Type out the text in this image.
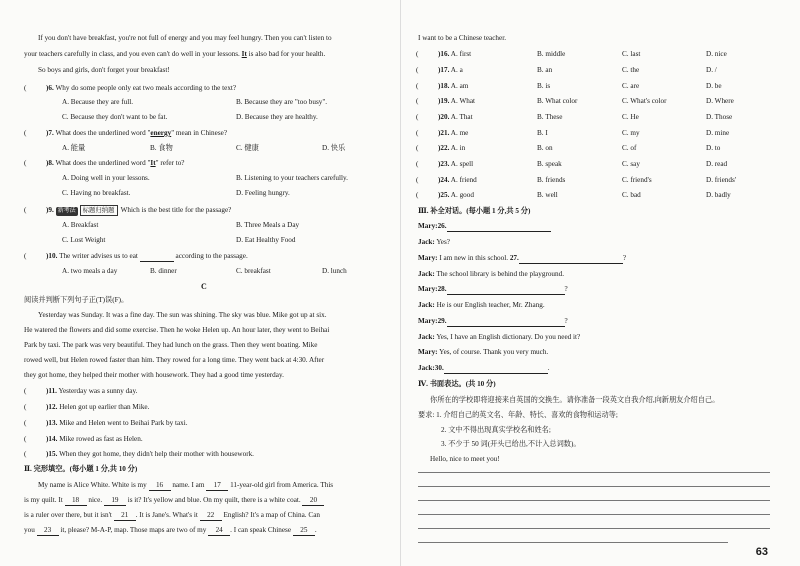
If you don't have breakfast, you're not full of energy and you may feel hungry. Then you can't listen to
your teachers carefully in class, and you even can't do well in your lessons. It is also bad for your health.
So boys and girls, don't forget your breakfast!
(	)6. Why do some people only eat two meals according to the text?
A. Because they are full.	B. Because they are "too busy".
C. Because they don't want to be fat.	D. Because they are healthy.
(	)7. What does the underlined word "energy" mean in Chinese?
A. 能量	B. 食物	C. 健康	D. 快乐
(	)8. What does the underlined word "It" refer to?
A. Doing well in your lessons.	B. Listening to your teachers carefully.
C. Having no breakfast.	D. Feeling hungry.
(	)9. 新考法 标题归纳题 Which is the best title for the passage?
A. Breakfast	B. Three Meals a Day
C. Lost Weight	D. Eat Healthy Food
(	)10. The writer advises us to eat	according to the passage.
A. two meals a day	B. dinner	C. breakfast	D. lunch
C
阅读并判断下列句子正(T)误(F)。
Yesterday was Sunday. It was a fine day. The sun was shining. The sky was blue. Mike got up at six.
He watered the flowers and did some exercise. Then he woke Helen up. An hour later, they went to Beihai
Park by taxi. The park was very beautiful. They had lunch on the grass. Then they went boating. Mike
rowed well, but Helen rowed faster than him. They rowed for a long time. They went back at 4:30. After
they got home, they helped their mother with housework. They had a good time yesterday.
(	)11. Yesterday was a sunny day.
(	)12. Helen got up earlier than Mike.
(	)13. Mike and Helen went to Beihai Park by taxi.
(	)14. Mike rowed as fast as Helen.
(	)15. When they got home, they didn't help their mother with housework.
Ⅱ. 完形填空。(每小题 1 分,共 10 分)
My name is Alice White. White is my 16 name. I am 17 11-year-old girl from America. This
is my quilt. It 18 nice. 19 is it? It's yellow and blue. On my quilt, there is a white coat. 20
is a ruler over there, but it isn't 21 . It is Jane's. What's it 22 English? It's a map of China. Can
you 23 it, please? M-A-P, map. Those maps are two of my 24 . I can speak Chinese 25 .
I want to be a Chinese teacher.
(	)16. A. first	B. middle	C. last	D. nice
(	)17. A. a	B. an	C. the	D. /
(	)18. A. am	B. is	C. are	D. be
(	)19. A. What	B. What color	C. What's color	D. Where
(	)20. A. That	B. These	C. He	D. Those
(	)21. A. me	B. I	C. my	D. mine
(	)22. A. in	B. on	C. of	D. to
(	)23. A. spell	B. speak	C. say	D. read
(	)24. A. friend	B. friends	C. friend's	D. friends'
(	)25. A. good	B. well	C. bad	D. badly
Ⅲ. 补全对话。(每小题 1 分,共 5 分)
Mary:26.
Jack: Yes?
Mary: I am new in this school. 27.	?
Jack: The school library is behind the playground.
Mary:28.	?
Jack: He is our English teacher, Mr. Zhang.
Mary:29.	?
Jack: Yes, I have an English dictionary. Do you need it?
Mary: Yes, of course. Thank you very much.
Jack:30.	.
Ⅳ. 书面表达。(共 10 分)
你所在的学校即将迎接来自英国的交换生。请你准备一段英文自我介绍,向新朋友介绍自己。
要求: 1. 介绍自己的英文名、年龄、特长、喜欢的食物和运动等;
2. 文中不得出现真实学校名和姓名;
3. 不少于 50 词(开头已给出,不计入总词数)。
Hello, nice to meet you!
63
